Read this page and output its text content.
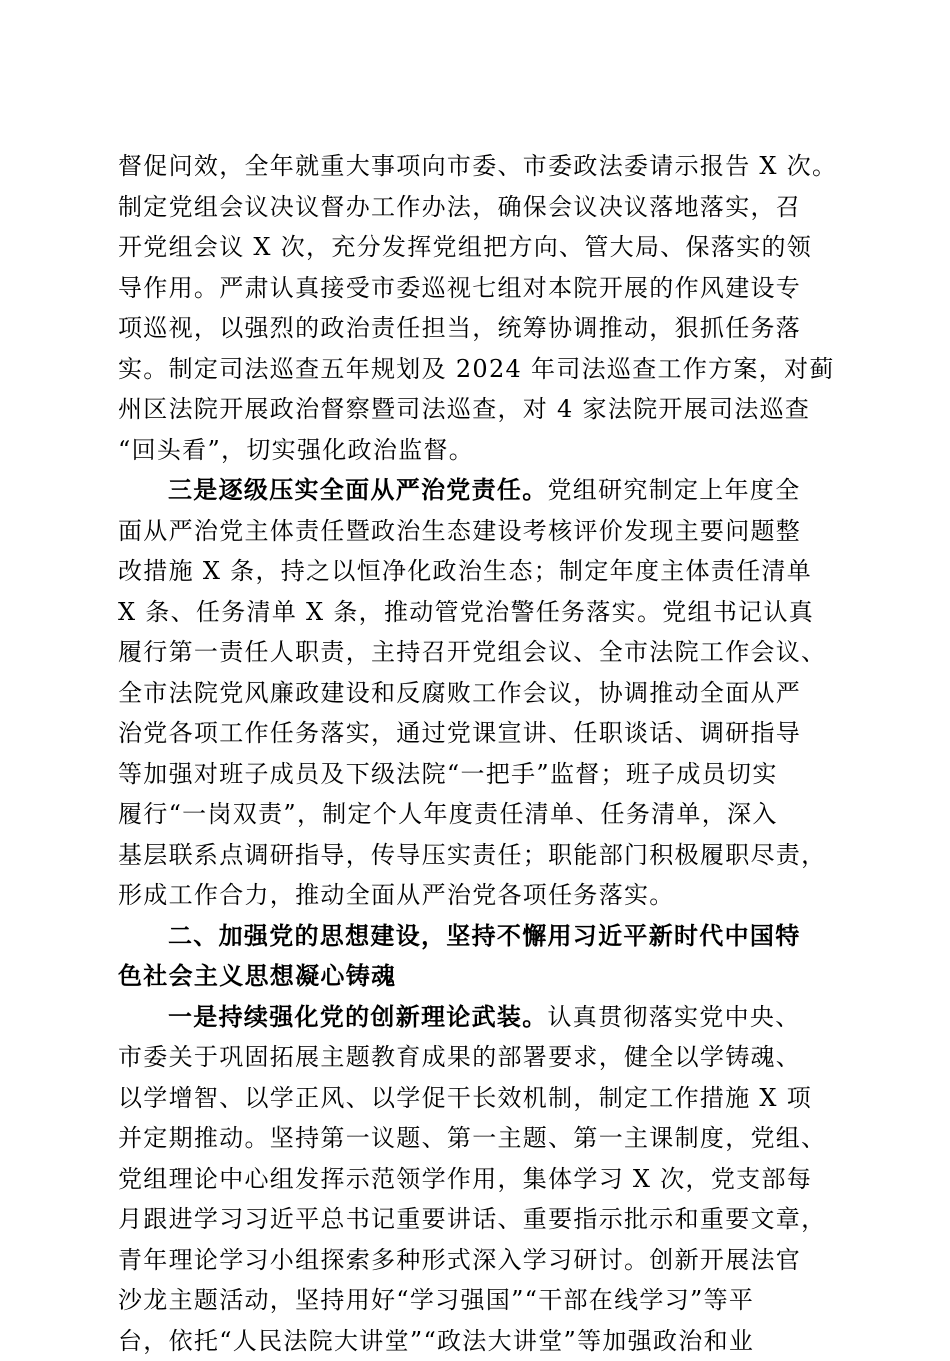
督促问效，全年就重大事项向市委、市委政法委请示报告 X 次。
制定党组会议决议督办工作办法，确保会议决议落地落实，召
开党组会议 X 次，充分发挥党组把方向、管大局、保落实的领
导作用。严肃认真接受市委巡视七组对本院开展的作风建设专
项巡视，以强烈的政治责任担当，统筹协调推动，狠抓任务落
实。制定司法巡查五年规划及 2024 年司法巡查工作方案，对蓟
州区法院开展政治督察暨司法巡查，对 4 家法院开展司法巡查
“回头看”，切实强化政治监督。

三是逐级压实全面从严治党责任。党组研究制定上年度全
面从严治党主体责任暨政治生态建设考核评价发现主要问题整
改措施 X 条，持之以恒净化政治生态；制定年度主体责任清单
X 条、任务清单 X 条，推动管党治警任务落实。党组书记认真
履行第一责任人职责，主持召开党组会议、全市法院工作会议、
全市法院党风廉政建设和反腐败工作会议，协调推动全面从严
治党各项工作任务落实，通过党课宣讲、任职谈话、调研指导
等加强对班子成员及下级法院“一把手”监督；班子成员切实
履行“一岗双责”，制定个人年度责任清单、任务清单，深入
基层联系点调研指导，传导压实责任；职能部门积极履职尽责，
形成工作合力，推动全面从严治党各项任务落实。

二、加强党的思想建设，坚持不懈用习近平新时代中国特
色社会主义思想凝心铸魂

一是持续强化党的创新理论武装。认真贯彻落实党中央、
市委关于巩固拓展主题教育成果的部署要求，健全以学铸魂、
以学增智、以学正风、以学促干长效机制，制定工作措施 X 项
并定期推动。坚持第一议题、第一主题、第一主课制度，党组、
党组理论中心组发挥示范领学作用，集体学习 X 次，党支部每
月跟进学习习近平总书记重要讲话、重要指示批示和重要文章，
青年理论学习小组探索多种形式深入学习研讨。创新开展法官
沙龙主题活动，坚持用好“学习强国”“干部在线学习”等平
台，依托“人民法院大讲堂”“政法大讲堂”等加强政治和业
